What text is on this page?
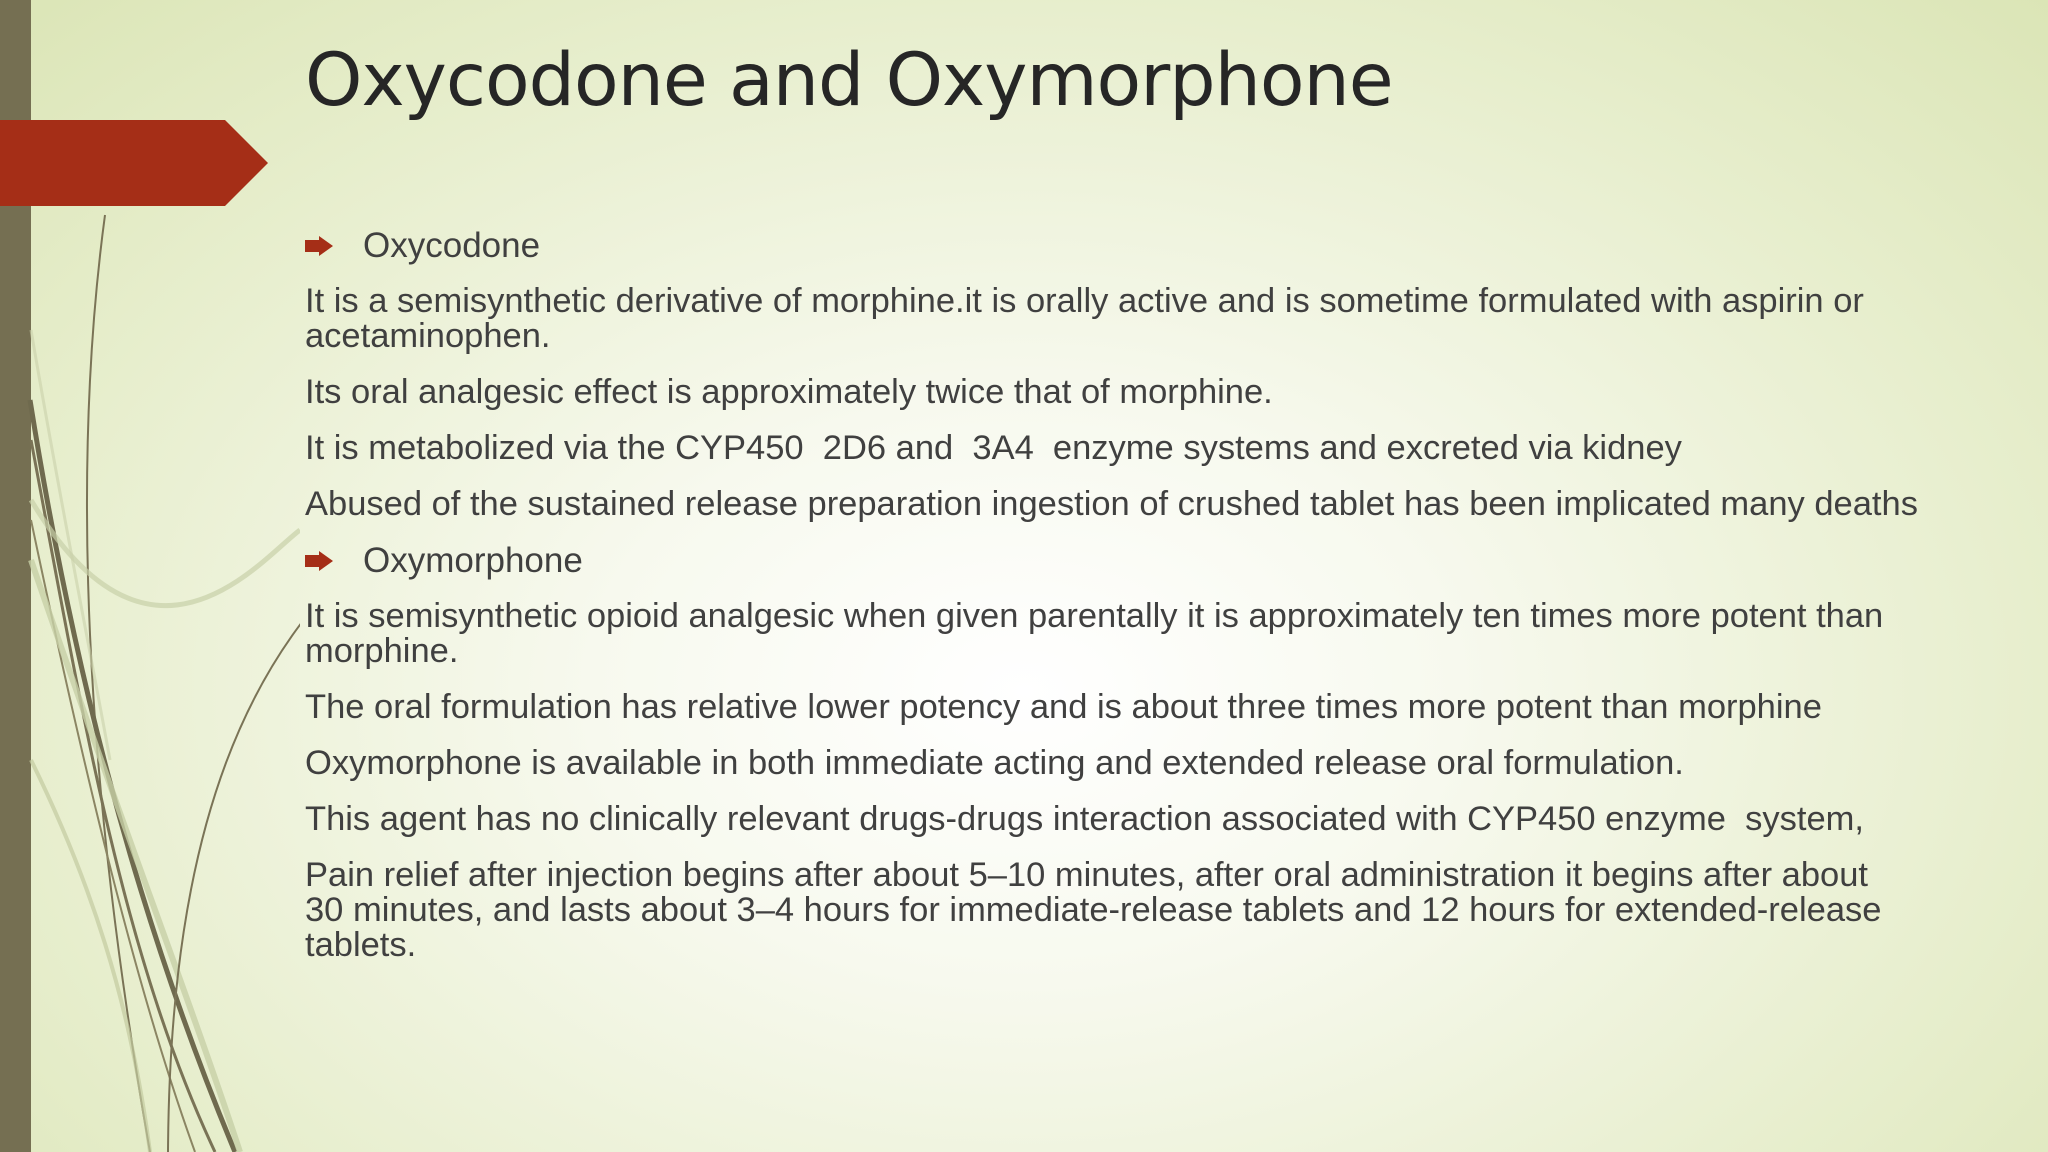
Oxycodone and Oxymorphone
Oxycodone
It is a semisynthetic derivative of morphine.it is orally active and is sometime formulated with aspirin or
acetaminophen.
Its oral analgesic effect is approximately twice that of morphine.
It is metabolized via the CYP450  2D6 and  3A4  enzyme systems and excreted via kidney
Abused of the sustained release preparation ingestion of crushed tablet has been implicated many deaths
Oxymorphone
It is semisynthetic opioid analgesic when given parentally it is approximately ten times more potent than
morphine.
The oral formulation has relative lower potency and is about three times more potent than morphine
Oxymorphone is available in both immediate acting and extended release oral formulation.
This agent has no clinically relevant drugs-drugs interaction associated with CYP450 enzyme  system,
Pain relief after injection begins after about 5–10 minutes, after oral administration it begins after about
30 minutes, and lasts about 3–4 hours for immediate-release tablets and 12 hours for extended-release
tablets.
